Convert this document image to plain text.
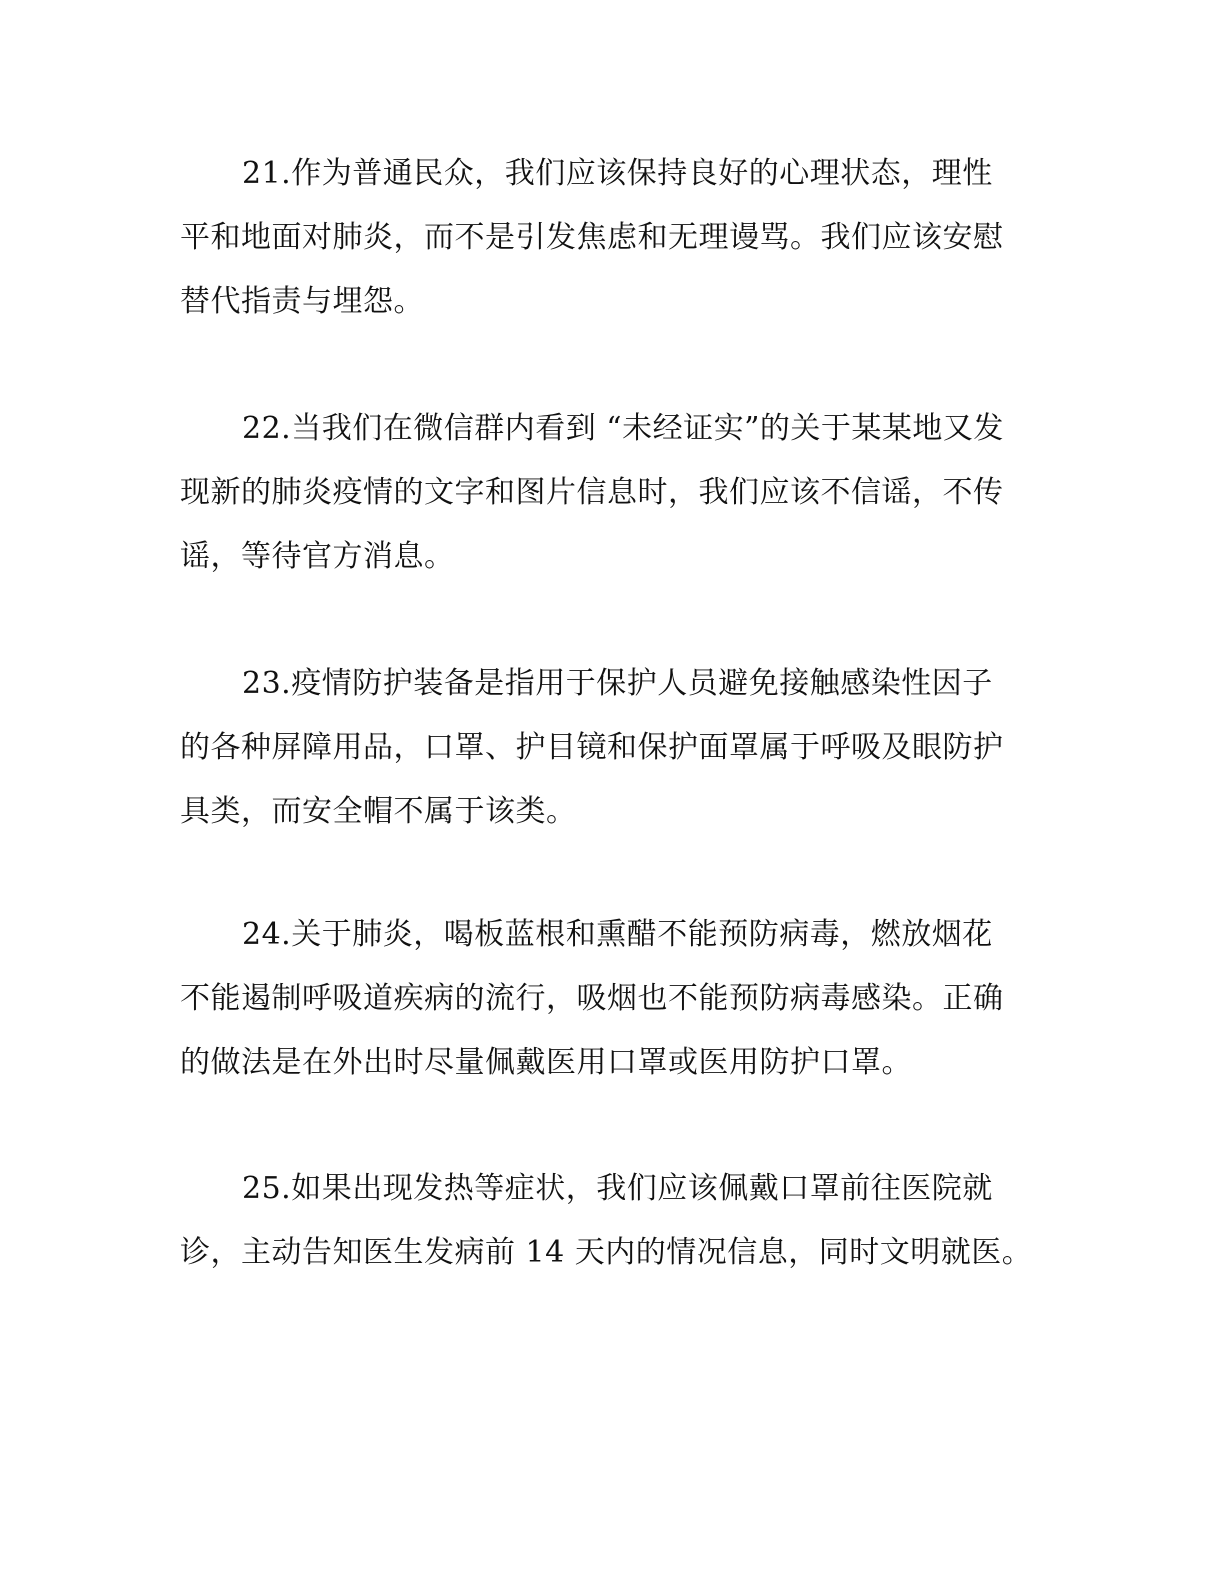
21.作为普通民众，我们应该保持良好的心理状态，理性
平和地面对肺炎，而不是引发焦虑和无理谩骂。我们应该安慰
替代指责与埋怨。
22.当我们在微信群内看到 “未经证实”的关于某某地又发
现新的肺炎疫情的文字和图片信息时，我们应该不信谣，不传
谣，等待官方消息。
23.疫情防护装备是指用于保护人员避免接触感染性因子
的各种屏障用品，口罩、护目镜和保护面罩属于呼吸及眼防护
具类，而安全帽不属于该类。
24.关于肺炎，喝板蓝根和熏醋不能预防病毒，燃放烟花
不能遏制呼吸道疾病的流行，吸烟也不能预防病毒感染。正确
的做法是在外出时尽量佩戴医用口罩或医用防护口罩。
25.如果出现发热等症状，我们应该佩戴口罩前往医院就
诊，主动告知医生发病前 14 天内的情况信息，同时文明就医。
